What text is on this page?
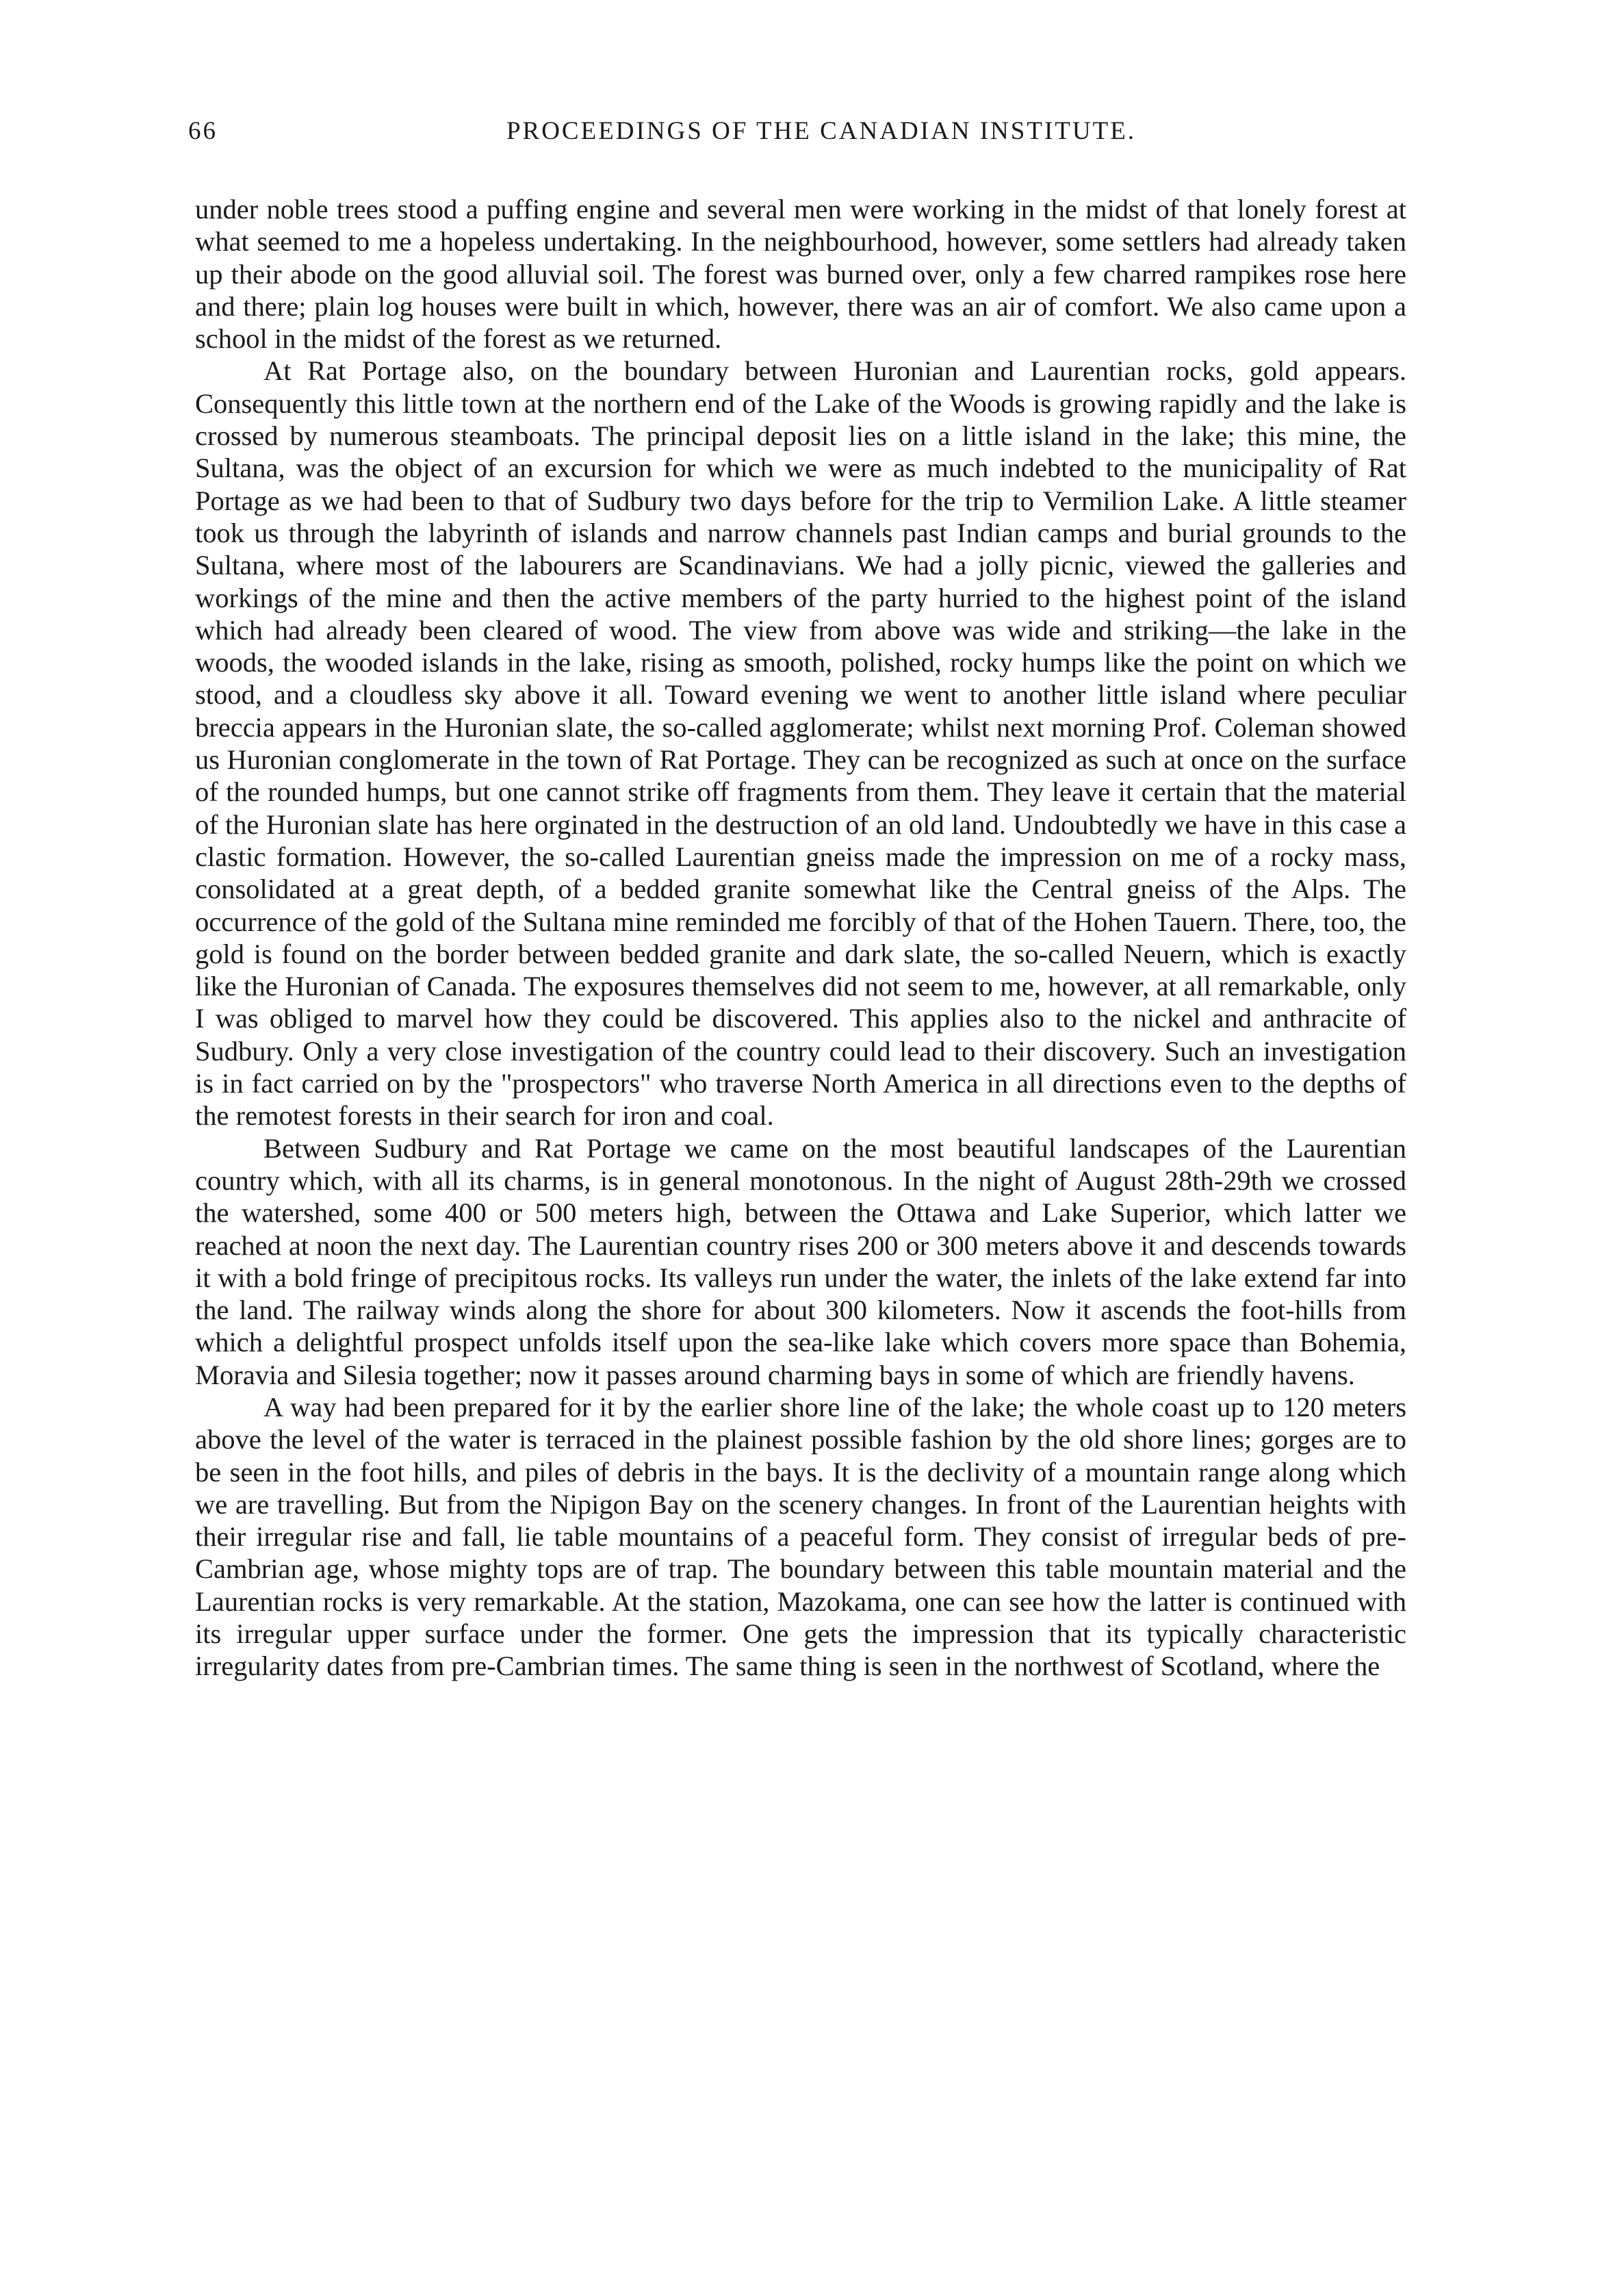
66	PROCEEDINGS OF THE CANADIAN INSTITUTE.

under noble trees stood a puffing engine and several men were working in the midst of that lonely forest at what seemed to me a hopeless undertaking. In the neighbourhood, however, some settlers had already taken up their abode on the good alluvial soil. The forest was burned over, only a few charred rampikes rose here and there; plain log houses were built in which, however, there was an air of comfort. We also came upon a school in the midst of the forest as we returned.

At Rat Portage also, on the boundary between Huronian and Laurentian rocks, gold appears. Consequently this little town at the northern end of the Lake of the Woods is growing rapidly and the lake is crossed by numerous steamboats. The principal deposit lies on a little island in the lake; this mine, the Sultana, was the object of an excursion for which we were as much indebted to the municipality of Rat Portage as we had been to that of Sudbury two days before for the trip to Vermilion Lake. A little steamer took us through the labyrinth of islands and narrow channels past Indian camps and burial grounds to the Sultana, where most of the labourers are Scandinavians. We had a jolly picnic, viewed the galleries and workings of the mine and then the active members of the party hurried to the highest point of the island which had already been cleared of wood. The view from above was wide and striking—the lake in the woods, the wooded islands in the lake, rising as smooth, polished, rocky humps like the point on which we stood, and a cloudless sky above it all. Toward evening we went to another little island where peculiar breccia appears in the Huronian slate, the so-called agglomerate; whilst next morning Prof. Coleman showed us Huronian conglomerate in the town of Rat Portage. They can be recognized as such at once on the surface of the rounded humps, but one cannot strike off fragments from them. They leave it certain that the material of the Huronian slate has here orginated in the destruction of an old land. Undoubtedly we have in this case a clastic formation. However, the so-called Laurentian gneiss made the impression on me of a rocky mass, consolidated at a great depth, of a bedded granite somewhat like the Central gneiss of the Alps. The occurrence of the gold of the Sultana mine reminded me forcibly of that of the Hohen Tauern. There, too, the gold is found on the border between bedded granite and dark slate, the so-called Neuern, which is exactly like the Huronian of Canada. The exposures themselves did not seem to me, however, at all remarkable, only I was obliged to marvel how they could be discovered. This applies also to the nickel and anthracite of Sudbury. Only a very close investigation of the country could lead to their discovery. Such an investigation is in fact carried on by the "prospectors" who traverse North America in all directions even to the depths of the remotest forests in their search for iron and coal.

Between Sudbury and Rat Portage we came on the most beautiful landscapes of the Laurentian country which, with all its charms, is in general monotonous. In the night of August 28th-29th we crossed the watershed, some 400 or 500 meters high, between the Ottawa and Lake Superior, which latter we reached at noon the next day. The Laurentian country rises 200 or 300 meters above it and descends towards it with a bold fringe of precipitous rocks. Its valleys run under the water, the inlets of the lake extend far into the land. The railway winds along the shore for about 300 kilometers. Now it ascends the foot-hills from which a delightful prospect unfolds itself upon the sea-like lake which covers more space than Bohemia, Moravia and Silesia together; now it passes around charming bays in some of which are friendly havens.

A way had been prepared for it by the earlier shore line of the lake; the whole coast up to 120 meters above the level of the water is terraced in the plainest possible fashion by the old shore lines; gorges are to be seen in the foot hills, and piles of debris in the bays. It is the declivity of a mountain range along which we are travelling. But from the Nipigon Bay on the scenery changes. In front of the Laurentian heights with their irregular rise and fall, lie table mountains of a peaceful form. They consist of irregular beds of pre-Cambrian age, whose mighty tops are of trap. The boundary between this table mountain material and the Laurentian rocks is very remarkable. At the station, Mazokama, one can see how the latter is continued with its irregular upper surface under the former. One gets the impression that its typically characteristic irregularity dates from pre-Cambrian times. The same thing is seen in the northwest of Scotland, where the
